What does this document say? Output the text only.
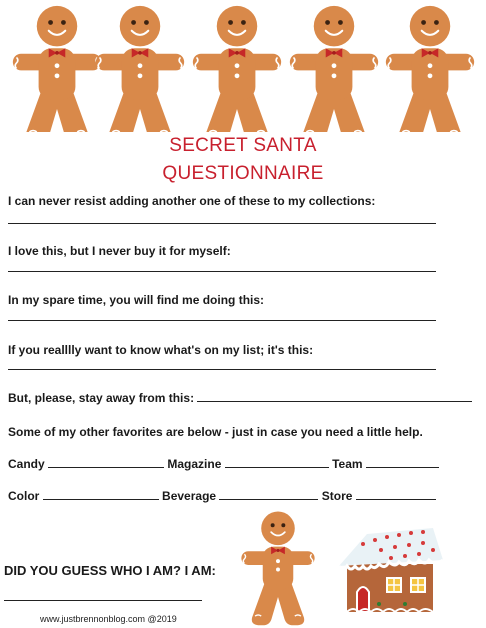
SECRET SANTA
QUESTIONNAIRE
I can never resist adding another one of these to my collections:
I love this, but I never buy it for myself:
In my spare time, you will find me doing this:
If you realllly want to know what's on my list; it's this:
But, please, stay away from this:
Some of my other favorites are below - just in case you need a little help.
Candy	Magazine	Team
Color	Beverage	Store
DID YOU GUESS WHO I AM? I AM:
www.justbrennonblog.com @2019
